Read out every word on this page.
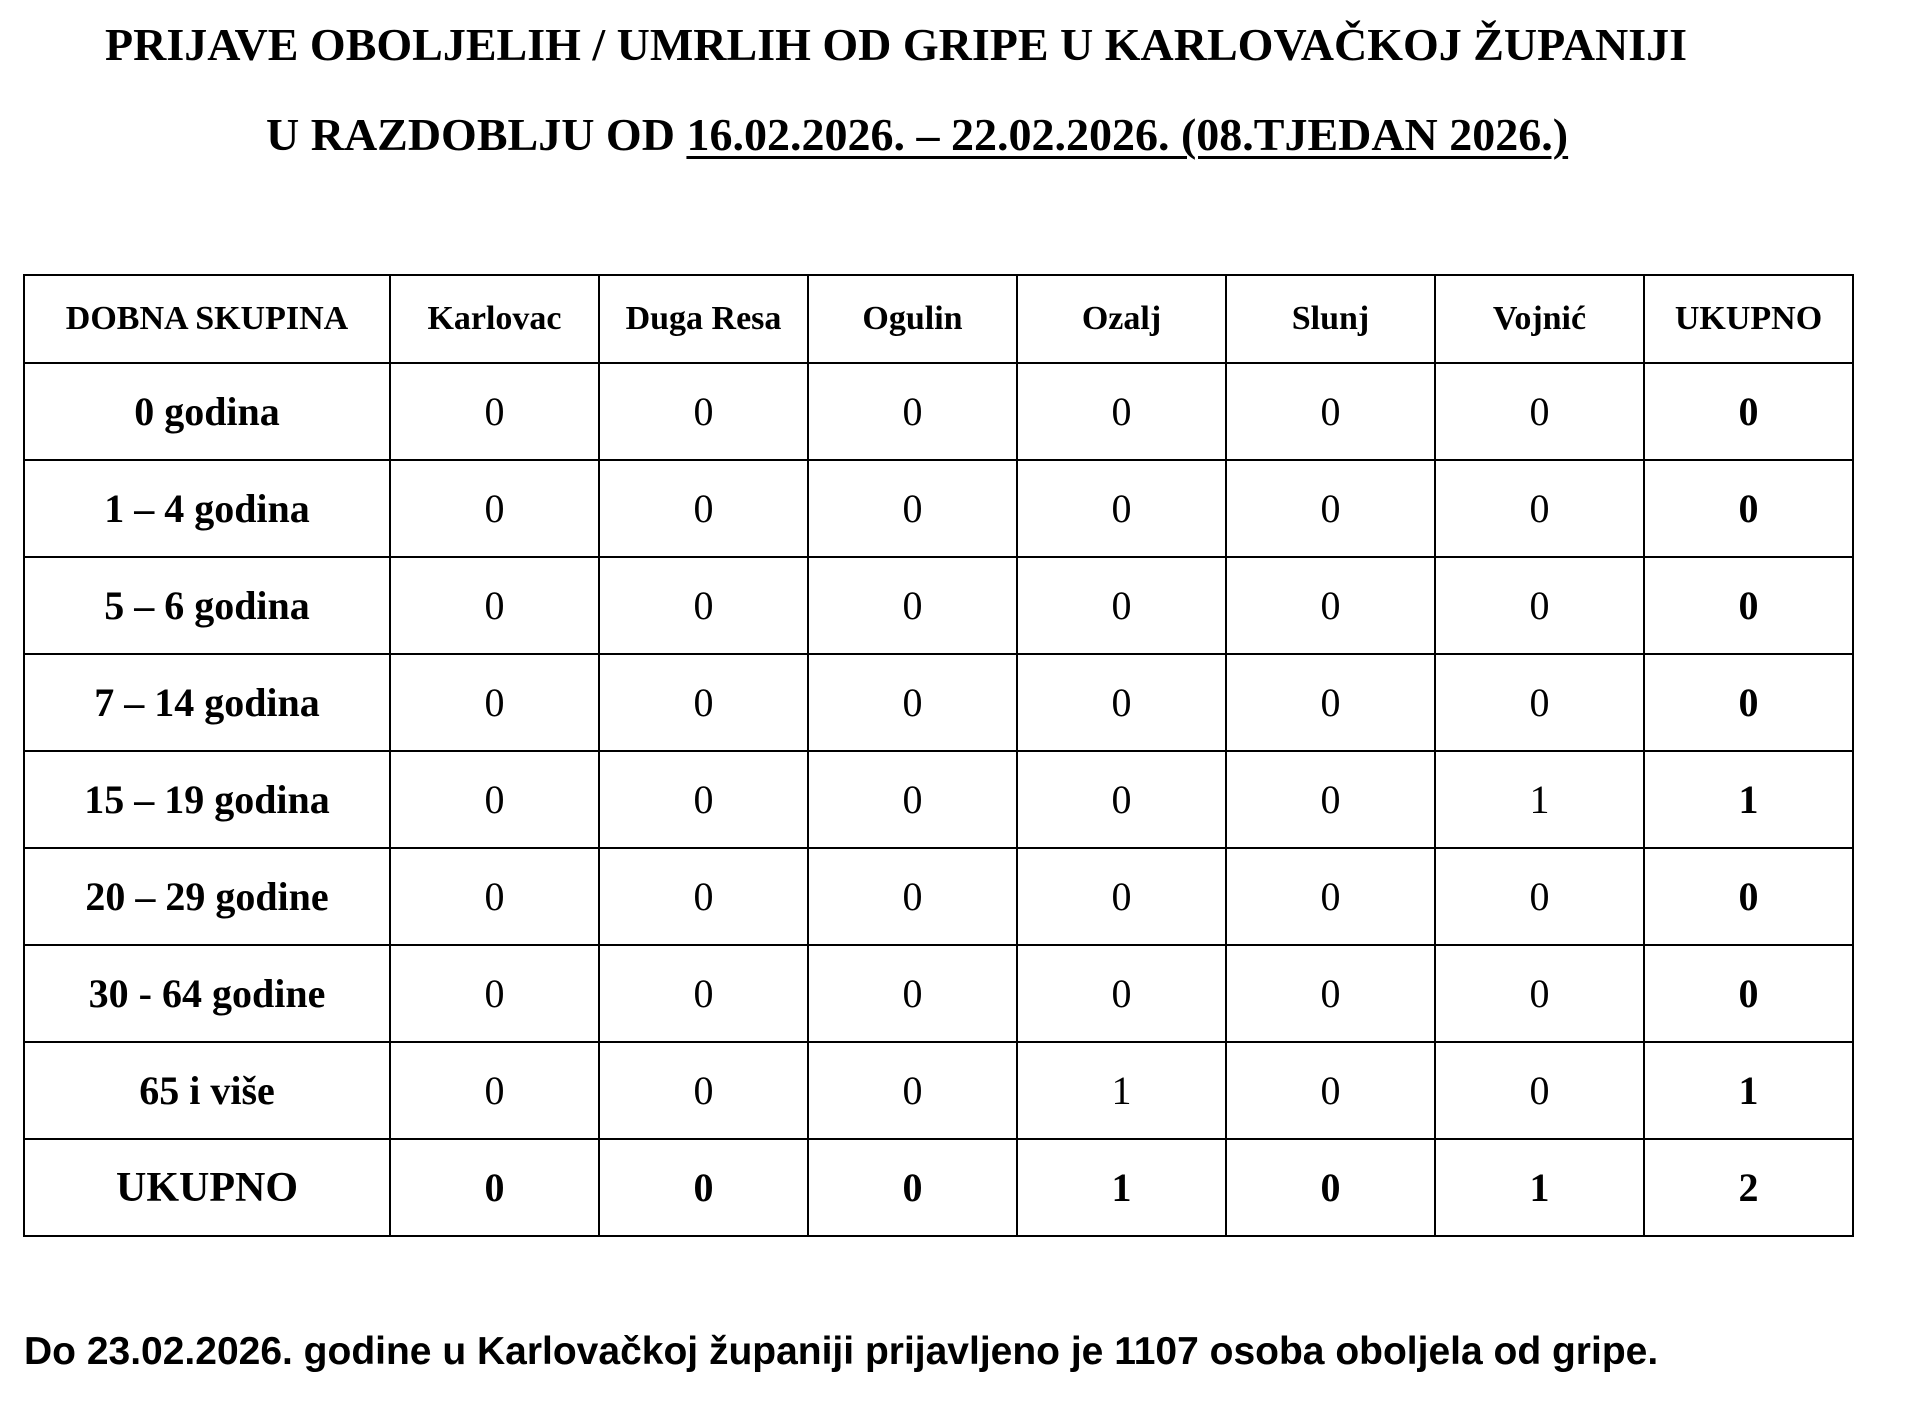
PRIJAVE OBOLJELIH / UMRLIH OD GRIPE U KARLOVAČKOJ ŽUPANIJI
U RAZDOBLJU OD 16.02.2026. – 22.02.2026. (08.TJEDAN 2026.)
DOBNA SKUPINA	Karlovac	Duga Resa	Ogulin	Ozalj	Slunj	Vojnić	UKUPNO
0 godina	0	0	0	0	0	0	0
1 – 4 godina	0	0	0	0	0	0	0
5 – 6 godina	0	0	0	0	0	0	0
7 – 14 godina	0	0	0	0	0	0	0
15 – 19 godina	0	0	0	0	0	1	1
20 – 29 godine	0	0	0	0	0	0	0
30 - 64 godine	0	0	0	0	0	0	0
65 i više	0	0	0	1	0	0	1
UKUPNO	0	0	0	1	0	1	2
Do 23.02.2026. godine u Karlovačkoj županiji prijavljeno je 1107 osoba oboljela od gripe.
